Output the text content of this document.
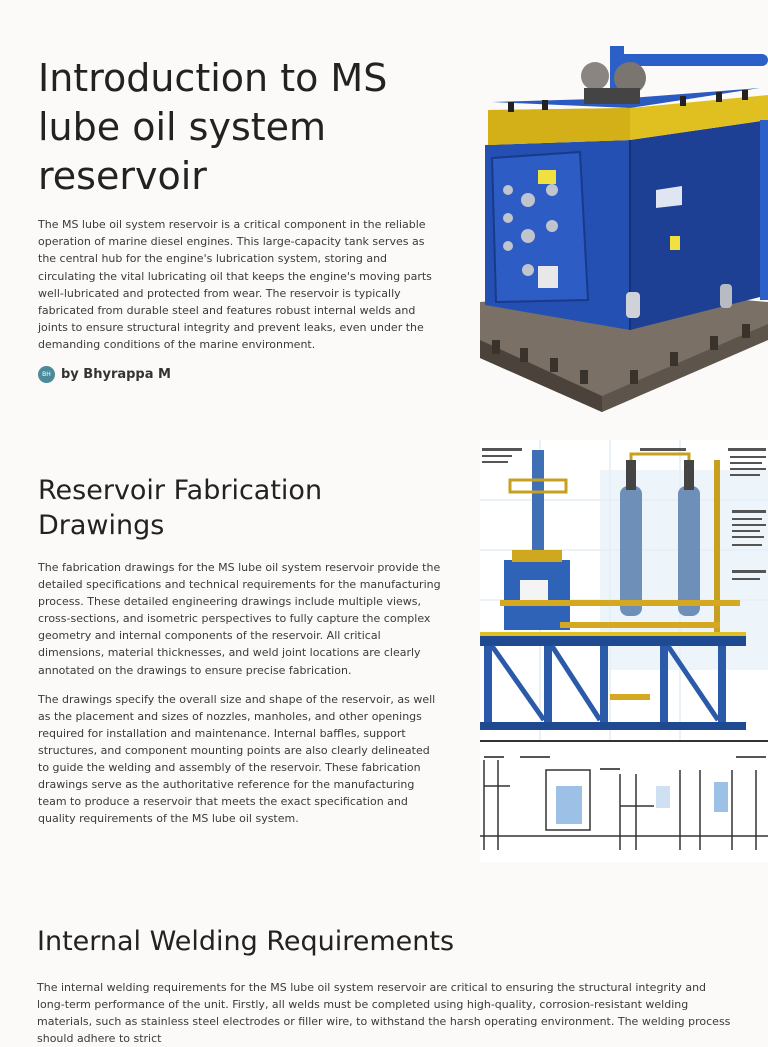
Introduction to MS lube oil system reservoir

The MS lube oil system reservoir is a critical component in the reliable operation of marine diesel engines. This large-capacity tank serves as the central hub for the engine's lubrication system, storing and circulating the vital lubricating oil that keeps the engine's moving parts well-lubricated and protected from wear. The reservoir is typically fabricated from durable steel and features robust internal welds and joints to ensure structural integrity and prevent leaks, even under the demanding conditions of the marine environment.

BH by Bhyrappa M
Reservoir Fabrication Drawings

The fabrication drawings for the MS lube oil system reservoir provide the detailed specifications and technical requirements for the manufacturing process. These detailed engineering drawings include multiple views, cross-sections, and isometric perspectives to fully capture the complex geometry and internal components of the reservoir. All critical dimensions, material thicknesses, and weld joint locations are clearly annotated on the drawings to ensure precise fabrication.

The drawings specify the overall size and shape of the reservoir, as well as the placement and sizes of nozzles, manholes, and other openings required for installation and maintenance. Internal baffles, support structures, and component mounting points are also clearly delineated to guide the welding and assembly of the reservoir. These fabrication drawings serve as the authoritative reference for the manufacturing team to produce a reservoir that meets the exact specification and quality requirements of the MS lube oil system.

Internal Welding Requirements

The internal welding requirements for the MS lube oil system reservoir are critical to ensuring the structural integrity and long-term performance of the unit. Firstly, all welds must be completed using high-quality, corrosion-resistant welding materials, such as stainless steel electrodes or filler wire, to withstand the harsh operating environment. The welding process should adhere to strict
